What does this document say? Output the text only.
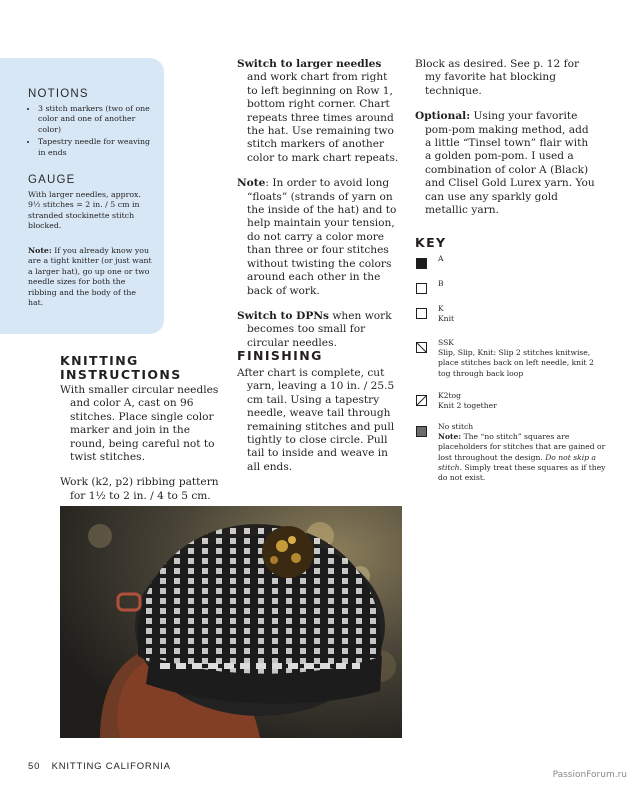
NOTIONS
• 3 stitch markers (two of one color and one of another color)
• Tapestry needle for weaving in ends
GAUGE
With larger needles, approx. 9½ stitches = 2 in. / 5 cm in stranded stockinette stitch blocked.
Note: If you already know you are a tight knitter (or just want a larger hat), go up one or two needle sizes for both the ribbing and the body of the hat.
KNITTING
INSTRUCTIONS

With smaller circular needles and color A, cast on 96 stitches. Place single color marker and join in the round, being careful not to twist stitches.

Work (k2, p2) ribbing pattern for 1½ to 2 in. / 4 to 5 cm.

Switch to larger needles and work chart from right to left beginning on Row 1, bottom right corner. Chart repeats three times around the hat. Use remaining two stitch markers of another color to mark chart repeats.

Note: In order to avoid long “floats” (strands of yarn on the inside of the hat) and to help maintain your tension, do not carry a color more than three or four stitches without twisting the colors around each other in the back of work.

Switch to DPNs when work becomes too small for circular needles.

FINISHING

After chart is complete, cut yarn, leaving a 10 in. / 25.5 cm tail. Using a tapestry needle, weave tail through remaining stitches and pull tightly to close circle. Pull tail to inside and weave in all ends.

Block as desired. See p. 12 for my favorite hat blocking technique.

Optional: Using your favorite pom-pom making method, add a little “Tinsel town” flair with a golden pom-pom. I used a combination of color A (Black) and Clisel Gold Lurex yarn. You can use any sparkly gold metallic yarn.

KEY
A
B
K
Knit
SSK
Slip, Slip, Knit: Slip 2 stitches knitwise, place stitches back on left needle, knit 2 tog through back loop
K2tog
Knit 2 together
No stitch
Note: The “no stitch” squares are placeholders for stitches that are gained or lost throughout the design. Do not skip a stitch. Simply treat these squares as if they do not exist.
50 KNITTING CALIFORNIA
PassionForum.ru
